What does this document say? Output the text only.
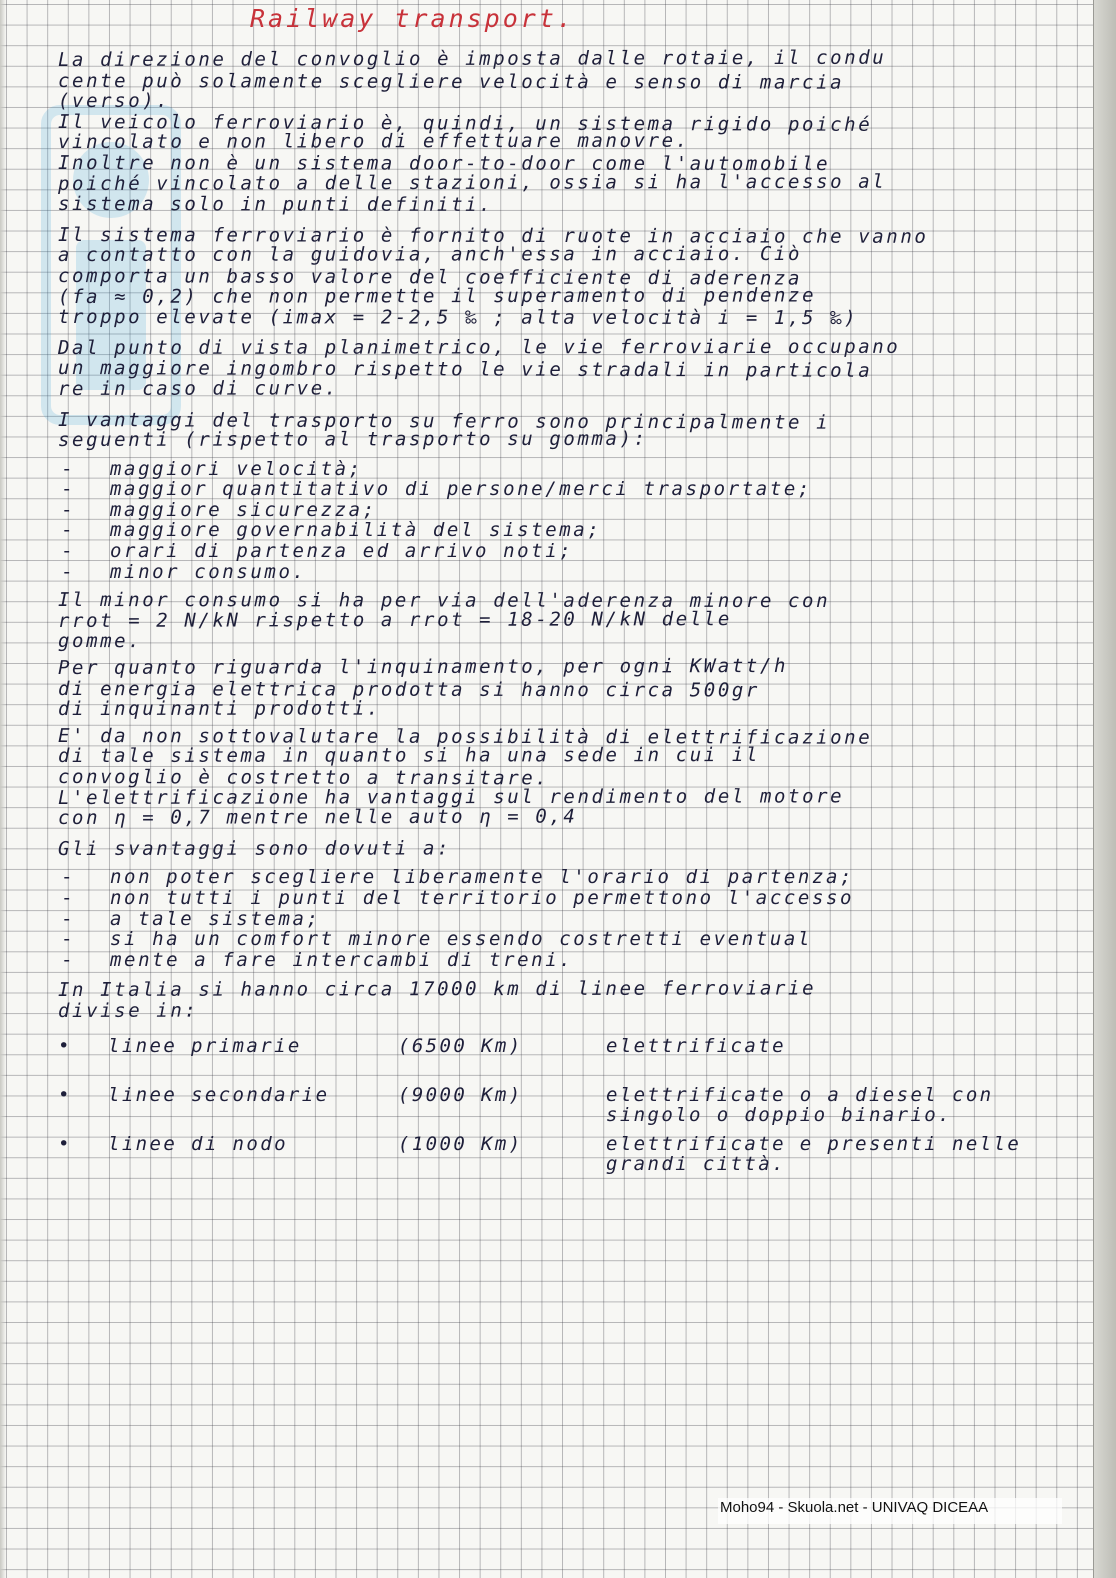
Railway transport.
La direzione del convoglio è imposta dalle rotaie, il condu
cente può solamente scegliere velocità e senso di marcia
(verso).
Il veicolo ferroviario è, quindi, un sistema rigido poiché
vincolato e non libero di effettuare manovre.
Inoltre non è un sistema door-to-door come l'automobile
poiché vincolato a delle stazioni, ossia si ha l'accesso al
sistema solo in punti definiti.
Il sistema ferroviario è fornito di ruote in acciaio che vanno
a contatto con la guidovia, anch'essa in acciaio. Ciò
comporta un basso valore del coefficiente di aderenza
(fa ≈ 0,2) che non permette il superamento di pendenze
troppo elevate (imax = 2-2,5 ‰ ; alta velocità i = 1,5 ‰)
Dal punto di vista planimetrico, le vie ferroviarie occupano
un maggiore ingombro rispetto le vie stradali in particola
re in caso di curve.
I vantaggi del trasporto su ferro sono principalmente i
seguenti (rispetto al trasporto su gomma):
- maggiori velocità;
- maggior quantitativo di persone/merci trasportate;
- maggiore sicurezza;
- maggiore governabilità del sistema;
- orari di partenza ed arrivo noti;
- minor consumo.
Il minor consumo si ha per via dell'aderenza minore con
rrot = 2 N/kN rispetto a rrot = 18-20 N/kN delle
gomme.
Per quanto riguarda l'inquinamento, per ogni KWatt/h
di energia elettrica prodotta si hanno circa 500gr
di inquinanti prodotti.
E' da non sottovalutare la possibilità di elettrificazione
di tale sistema in quanto si ha una sede in cui il
convoglio è costretto a transitare.
L'elettrificazione ha vantaggi sul rendimento del motore
con η = 0,7 mentre nelle auto η = 0,4
Gli svantaggi sono dovuti a:
- non poter scegliere liberamente l'orario di partenza;
- non tutti i punti del territorio permettono l'accesso
- a tale sistema;
- si ha un comfort minore essendo costretti eventual
- mente a fare intercambi di treni.
In Italia si hanno circa 17000 km di linee ferroviarie
divise in:
• linee primarie	(6500 Km)	elettrificate
• linee secondarie	(9000 Km)	elettrificate o a diesel con
singolo o doppio binario.
• linee di nodo	(1000 Km)	elettrificate e presenti nelle
grandi città.

Moho94 - Skuola.net - UNIVAQ DICEAA
